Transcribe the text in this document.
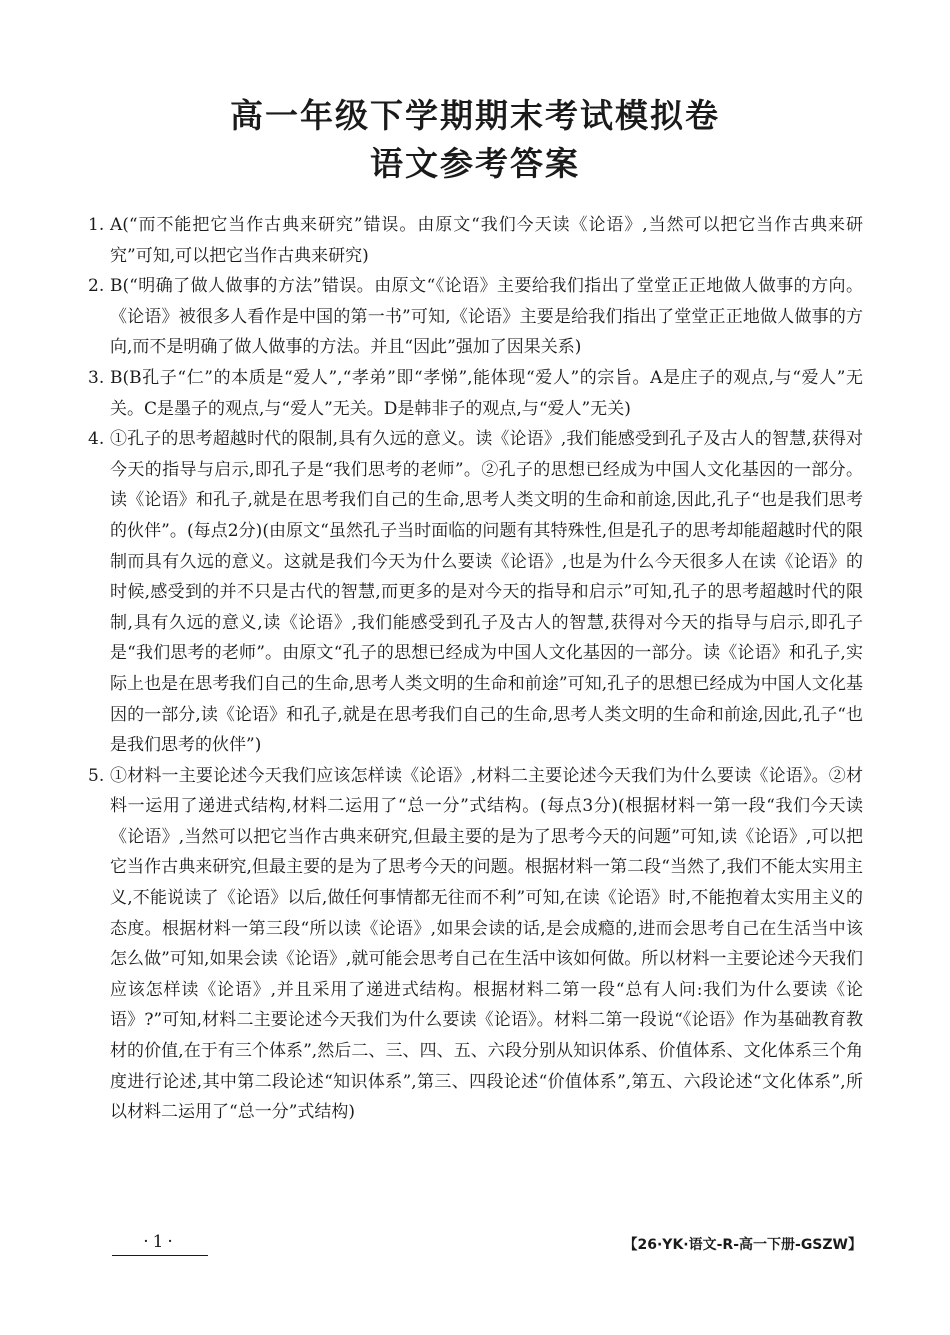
高一年级下学期期末考试模拟卷
语文参考答案
1. A(“而不能把它当作古典来研究”错误。由原文“我们今天读《论语》,当然可以把它当作古典来研究”可知,可以把它当作古典来研究)
2. B(“明确了做人做事的方法”错误。由原文“《论语》主要给我们指出了堂堂正正地做人做事的方向。《论语》被很多人看作是中国的第一书”可知,《论语》主要是给我们指出了堂堂正正地做人做事的方向,而不是明确了做人做事的方法。并且“因此”强加了因果关系)
3. B(B孔子“仁”的本质是“爱人”,“孝弟”即“孝悌”,能体现“爱人”的宗旨。A是庄子的观点,与“爱人”无关。C是墨子的观点,与“爱人”无关。D是韩非子的观点,与“爱人”无关)
4. ①孔子的思考超越时代的限制,具有久远的意义。读《论语》,我们能感受到孔子及古人的智慧,获得对今天的指导与启示,即孔子是“我们思考的老师”。②孔子的思想已经成为中国人文化基因的一部分。读《论语》和孔子,就是在思考我们自己的生命,思考人类文明的生命和前途,因此,孔子“也是我们思考的伙伴”。(每点2分)(由原文“虽然孔子当时面临的问题有其特殊性,但是孔子的思考却能超越时代的限制而具有久远的意义。这就是我们今天为什么要读《论语》,也是为什么今天很多人在读《论语》的时候,感受到的并不只是古代的智慧,而更多的是对今天的指导和启示”可知,孔子的思考超越时代的限制,具有久远的意义,读《论语》,我们能感受到孔子及古人的智慧,获得对今天的指导与启示,即孔子是“我们思考的老师”。由原文“孔子的思想已经成为中国人文化基因的一部分。读《论语》和孔子,实际上也是在思考我们自己的生命,思考人类文明的生命和前途”可知,孔子的思想已经成为中国人文化基因的一部分,读《论语》和孔子,就是在思考我们自己的生命,思考人类文明的生命和前途,因此,孔子“也是我们思考的伙伴”)
5. ①材料一主要论述今天我们应该怎样读《论语》,材料二主要论述今天我们为什么要读《论语》。②材料一运用了递进式结构,材料二运用了“总一分”式结构。(每点3分)(根据材料一第一段“我们今天读《论语》,当然可以把它当作古典来研究,但最主要的是为了思考今天的问题”可知,读《论语》,可以把它当作古典来研究,但最主要的是为了思考今天的问题。根据材料一第二段“当然了,我们不能太实用主义,不能说读了《论语》以后,做任何事情都无往而不利”可知,在读《论语》时,不能抱着太实用主义的态度。根据材料一第三段“所以读《论语》,如果会读的话,是会成瘾的,进而会思考自己在生活当中该怎么做”可知,如果会读《论语》,就可能会思考自己在生活中该如何做。所以材料一主要论述今天我们应该怎样读《论语》,并且采用了递进式结构。根据材料二第一段“总有人问:我们为什么要读《论语》?”可知,材料二主要论述今天我们为什么要读《论语》。材料二第一段说“《论语》作为基础教育教材的价值,在于有三个体系”,然后二、三、四、五、六段分别从知识体系、价值体系、文化体系三个角度进行论述,其中第二段论述“知识体系”,第三、四段论述“价值体系”,第五、六段论述“文化体系”,所以材料二运用了“总一分”式结构)
·1·	【26·YK·语文-R-高一下册-GSZW】
